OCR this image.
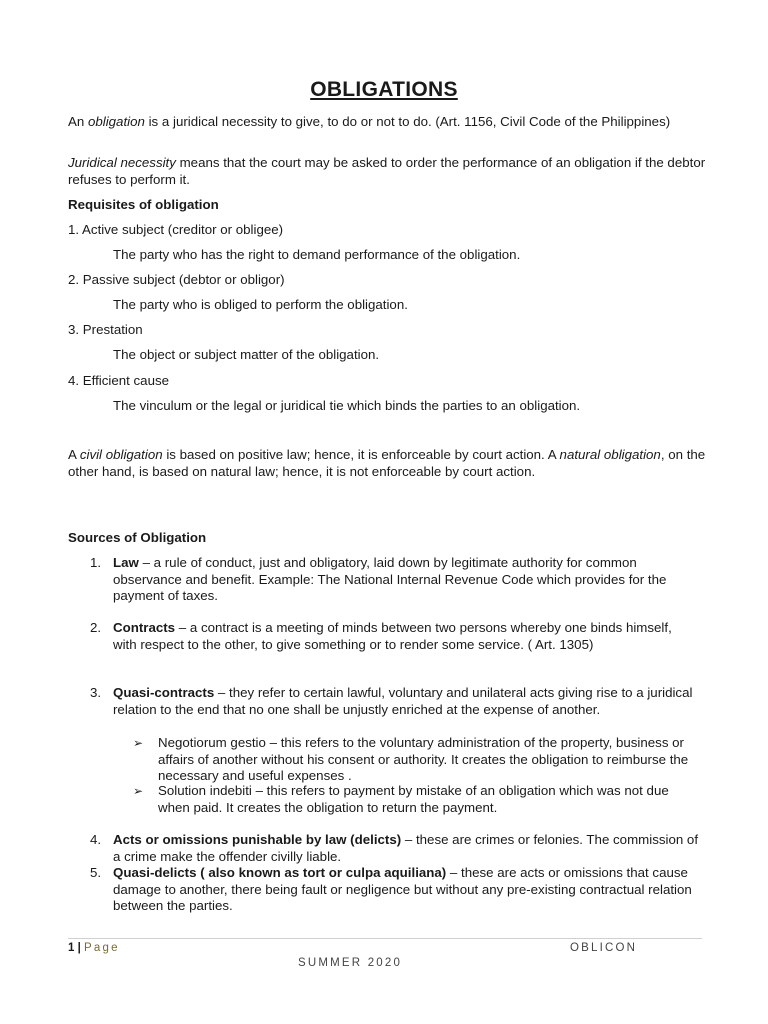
OBLIGATIONS
An obligation is a juridical necessity to give, to do or not to do. (Art. 1156, Civil Code of the Philippines)
Juridical necessity means that the court may be asked to order the performance of an obligation if the debtor refuses to perform it.
Requisites of obligation
1. Active subject (creditor or obligee)
The party who has the right to demand performance of the obligation.
2. Passive subject (debtor or obligor)
The party who is obliged to perform the obligation.
3. Prestation
The object or subject matter of the obligation.
4. Efficient cause
The vinculum or the legal or juridical tie which binds the parties to an obligation.
A civil obligation is based on positive law; hence, it is enforceable by court action. A natural obligation, on the other hand, is based on natural law; hence, it is not enforceable by court action.
Sources of Obligation
1. Law – a rule of conduct, just and obligatory, laid down by legitimate authority for common observance and benefit. Example: The National Internal Revenue Code which provides for the payment of taxes.
2. Contracts – a contract is a meeting of minds between two persons whereby one binds himself, with respect to the other, to give something or to render some service. ( Art. 1305)
3. Quasi-contracts – they refer to certain lawful, voluntary and unilateral acts giving rise to a juridical relation to the end that no one shall be unjustly enriched at the expense of another.
➢ Negotiorum gestio – this refers to the voluntary administration of the property, business or affairs of another without his consent or authority. It creates the obligation to reimburse the necessary and useful expenses .
➢ Solution indebiti – this refers to payment by mistake of an obligation which was not due when paid. It creates the obligation to return the payment.
4. Acts or omissions punishable by law (delicts) – these are crimes or felonies. The commission of a crime make the offender civilly liable.
5. Quasi-delicts ( also known as tort or culpa aquiliana) – these are acts or omissions that cause damage to another, there being fault or negligence but without any pre-existing contractual relation between the parties.
1 | Page	OBLICON
SUMMER 2020
